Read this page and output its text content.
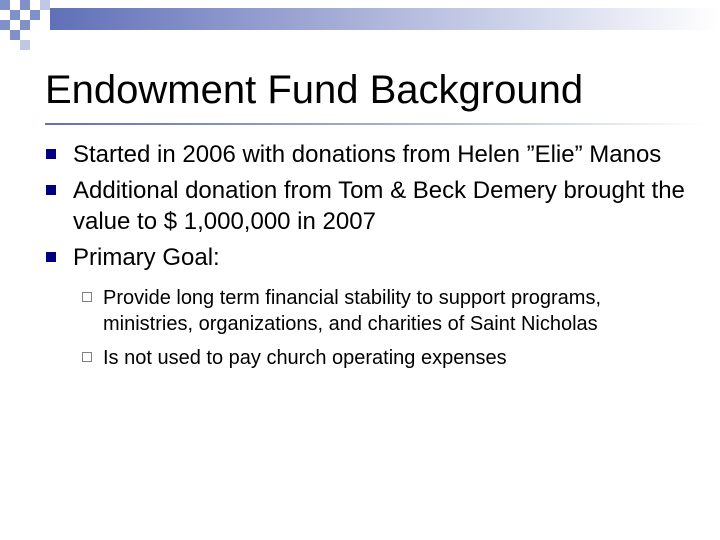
Endowment Fund Background
Started in 2006 with donations from Helen ”Elie” Manos
Additional donation from Tom & Beck Demery brought the value to $ 1,000,000 in 2007
Primary Goal:
Provide long term financial stability to support programs, ministries, organizations, and charities of Saint Nicholas
Is not used to pay church operating expenses
